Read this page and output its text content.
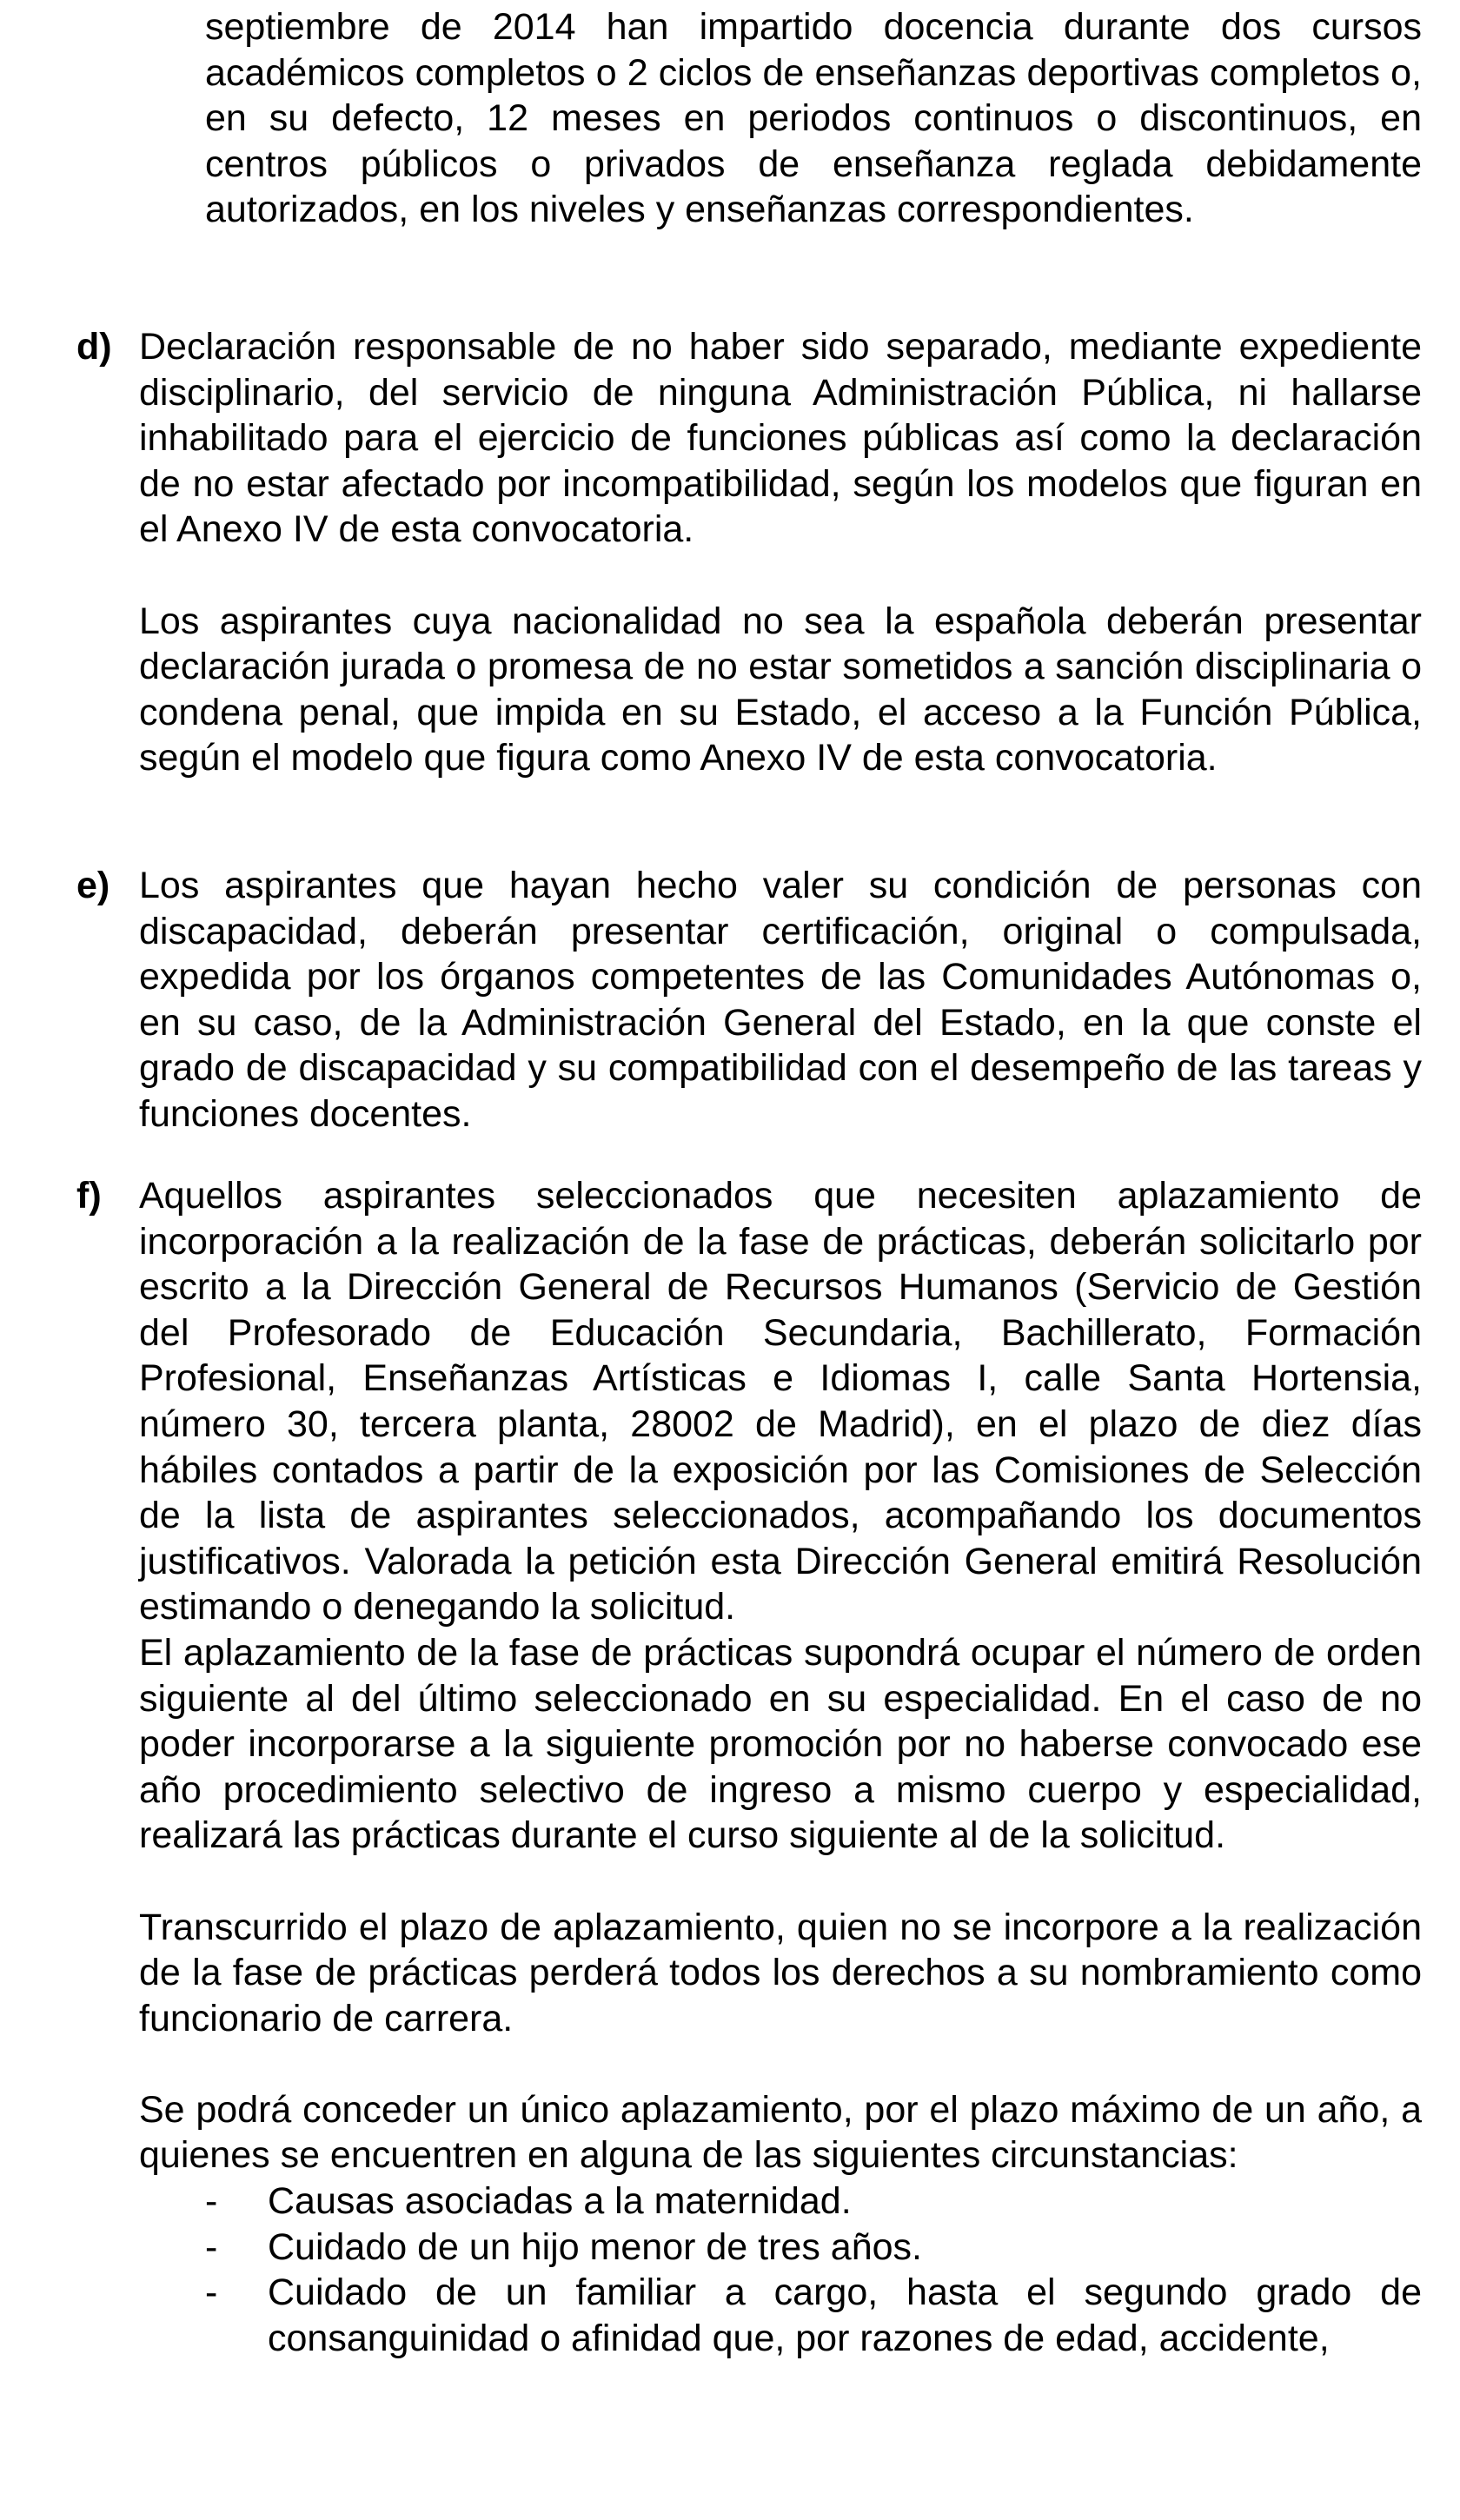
septiembre de 2014 han impartido docencia durante dos cursos académicos completos o 2 ciclos de enseñanzas deportivas completos o, en su defecto, 12 meses en periodos continuos o discontinuos, en centros públicos o privados de enseñanza reglada debidamente autorizados, en los niveles y enseñanzas correspondientes.
d) Declaración responsable de no haber sido separado, mediante expediente disciplinario, del servicio de ninguna Administración Pública, ni hallarse inhabilitado para el ejercicio de funciones públicas así como la declaración de no estar afectado por incompatibilidad, según los modelos que figuran en el Anexo IV de esta convocatoria.

Los aspirantes cuya nacionalidad no sea la española deberán presentar declaración jurada o promesa de no estar sometidos a sanción disciplinaria o condena penal, que impida en su Estado, el acceso a la Función Pública, según el modelo que figura como Anexo IV de esta convocatoria.

e) Los aspirantes que hayan hecho valer su condición de personas con discapacidad, deberán presentar certificación, original o compulsada, expedida por los órganos competentes de las Comunidades Autónomas o, en su caso, de la Administración General del Estado, en la que conste el grado de discapacidad y su compatibilidad con el desempeño de las tareas y funciones docentes.

f) Aquellos aspirantes seleccionados que necesiten aplazamiento de incorporación a la realización de la fase de prácticas, deberán solicitarlo por escrito a la Dirección General de Recursos Humanos (Servicio de Gestión del Profesorado de Educación Secundaria, Bachillerato, Formación Profesional, Enseñanzas Artísticas e Idiomas I, calle Santa Hortensia, número 30, tercera planta, 28002 de Madrid), en el plazo de diez días hábiles contados a partir de la exposición por las Comisiones de Selección de la lista de aspirantes seleccionados, acompañando los documentos justificativos. Valorada la petición esta Dirección General emitirá Resolución estimando o denegando la solicitud.

El aplazamiento de la fase de prácticas supondrá ocupar el número de orden siguiente al del último seleccionado en su especialidad. En el caso de no poder incorporarse a la siguiente promoción por no haberse convocado ese año procedimiento selectivo de ingreso a mismo cuerpo y especialidad, realizará las prácticas durante el curso siguiente al de la solicitud.

Transcurrido el plazo de aplazamiento, quien no se incorpore a la realización de la fase de prácticas perderá todos los derechos a su nombramiento como funcionario de carrera.

Se podrá conceder un único aplazamiento, por el plazo máximo de un año, a quienes se encuentren en alguna de las siguientes circunstancias:

- Causas asociadas a la maternidad.
- Cuidado de un hijo menor de tres años.
- Cuidado de un familiar a cargo, hasta el segundo grado de consanguinidad o afinidad que, por razones de edad, accidente,
